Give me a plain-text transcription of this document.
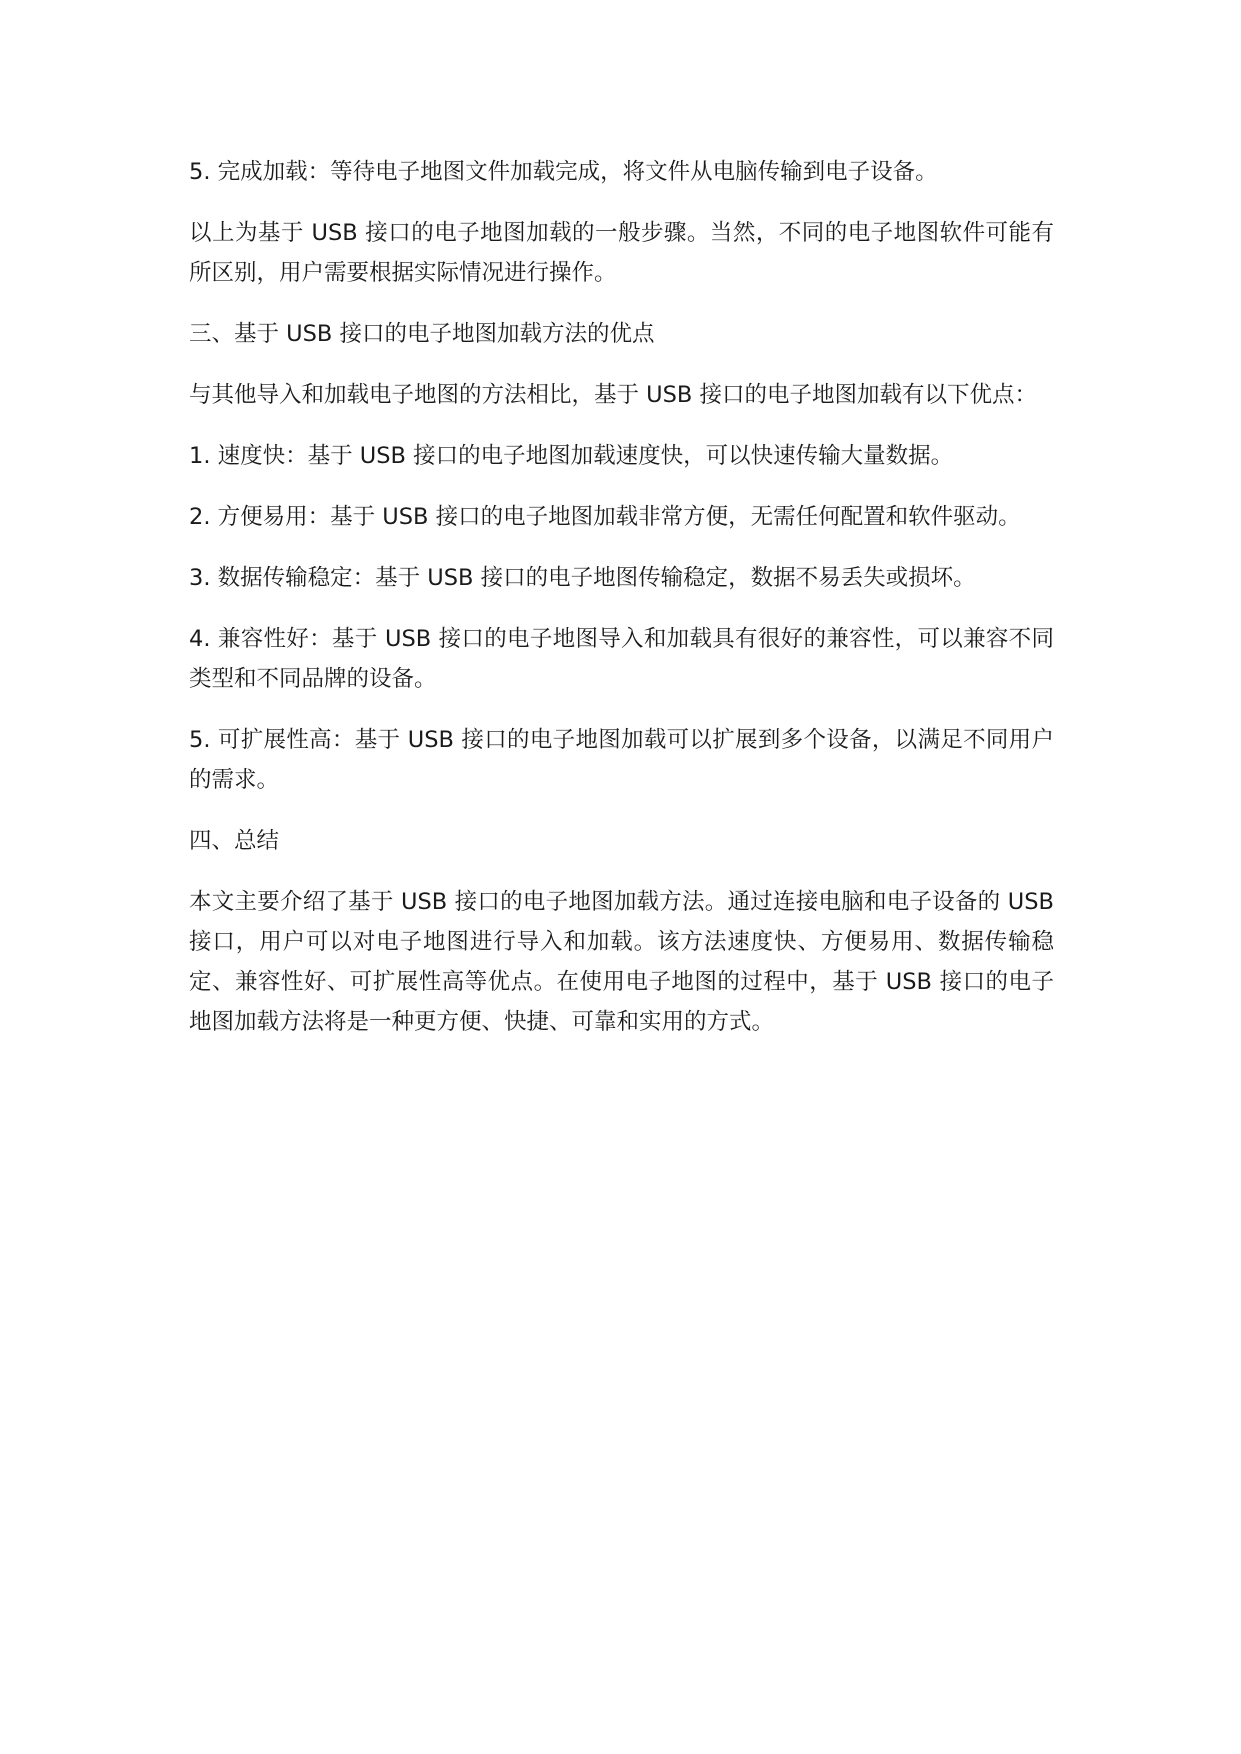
5. 完成加载：等待电子地图文件加载完成，将文件从电脑传输到电子设备。

以上为基于 USB 接口的电子地图加载的一般步骤。当然，不同的电子地图软件可能有所区别，用户需要根据实际情况进行操作。

三、基于 USB 接口的电子地图加载方法的优点

与其他导入和加载电子地图的方法相比，基于 USB 接口的电子地图加载有以下优点：

1. 速度快：基于 USB 接口的电子地图加载速度快，可以快速传输大量数据。

2. 方便易用：基于 USB 接口的电子地图加载非常方便，无需任何配置和软件驱动。

3. 数据传输稳定：基于 USB 接口的电子地图传输稳定，数据不易丢失或损坏。

4. 兼容性好：基于 USB 接口的电子地图导入和加载具有很好的兼容性，可以兼容不同类型和不同品牌的设备。

5. 可扩展性高：基于 USB 接口的电子地图加载可以扩展到多个设备，以满足不同用户的需求。

四、总结

本文主要介绍了基于 USB 接口的电子地图加载方法。通过连接电脑和电子设备的 USB 接口，用户可以对电子地图进行导入和加载。该方法速度快、方便易用、数据传输稳定、兼容性好、可扩展性高等优点。在使用电子地图的过程中，基于 USB 接口的电子地图加载方法将是一种更方便、快捷、可靠和实用的方式。
